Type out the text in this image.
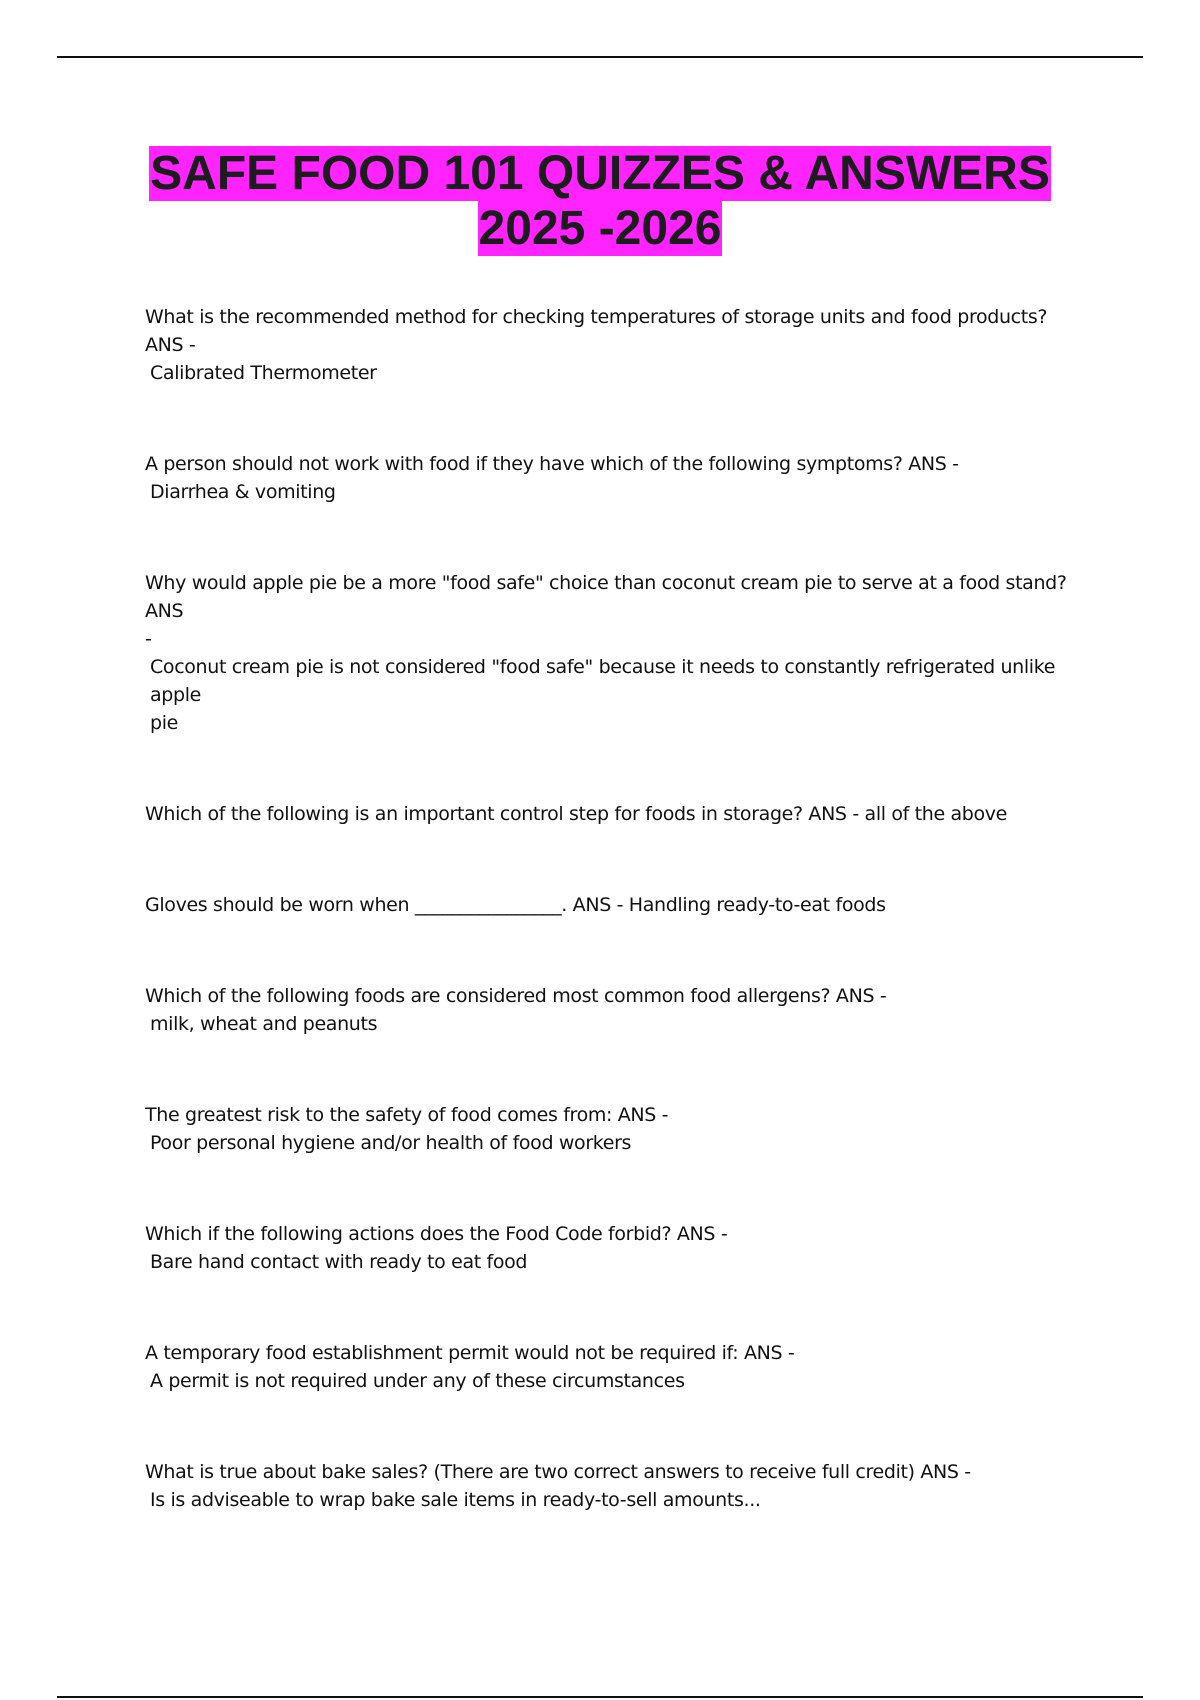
SAFE FOOD 101 QUIZZES & ANSWERS
2025 -2026
What is the recommended method for checking temperatures of storage units and food products? ANS -
Calibrated Thermometer
A person should not work with food if they have which of the following symptoms? ANS -
Diarrhea & vomiting
Why would apple pie be a more "food safe" choice than coconut cream pie to serve at a food stand? ANS
-
Coconut cream pie is not considered "food safe" because it needs to constantly refrigerated unlike apple
pie
Which of the following is an important control step for foods in storage? ANS - all of the above
Gloves should be worn when ________________. ANS - Handling ready-to-eat foods
Which of the following foods are considered most common food allergens? ANS -
milk, wheat and peanuts
The greatest risk to the safety of food comes from: ANS -
Poor personal hygiene and/or health of food workers
Which if the following actions does the Food Code forbid? ANS -
Bare hand contact with ready to eat food
A temporary food establishment permit would not be required if: ANS -
A permit is not required under any of these circumstances
What is true about bake sales? (There are two correct answers to receive full credit) ANS -
Is is adviseable to wrap bake sale items in ready-to-sell amounts...
